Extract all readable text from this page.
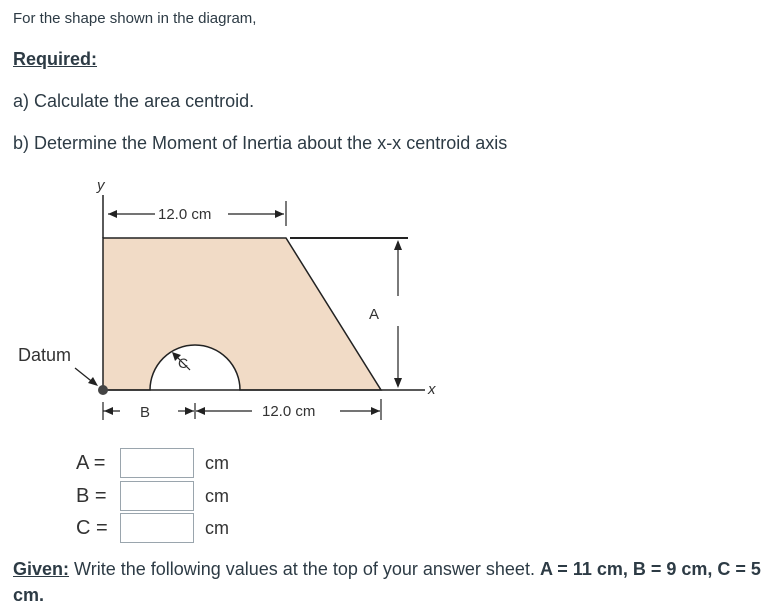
For the shape shown in the diagram,
Required:
a) Calculate the area centroid.
b) Determine the Moment of Inertia about the x-x centroid axis
y
x
12.0 cm
A
C
Datum
B	12.0 cm
A =	cm
B =	cm
C =	cm
Given: Write the following values at the top of your answer sheet. A = 11 cm, B = 9 cm, C = 5 cm.
